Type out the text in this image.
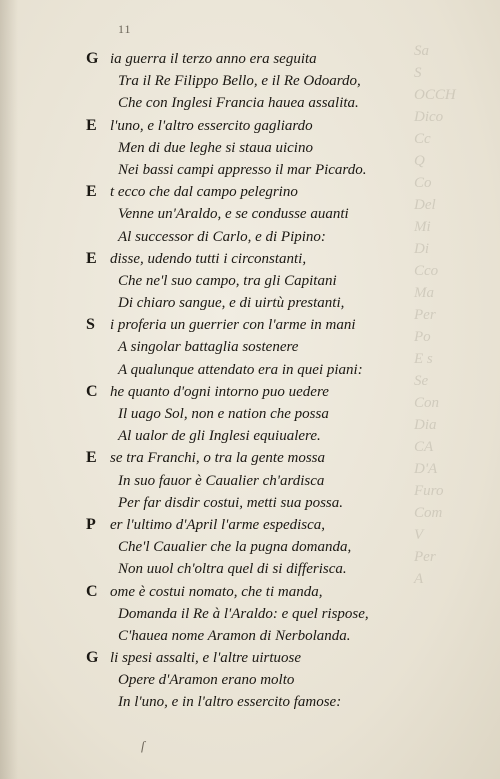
11
Sa
S
OCCH
Dico
Cc
Q
Co
Del
Mi
Di
Cco
Ma
Per
Po
E s
Se
Con
Dia
CA
D'A
Furo
Com
V
Per
A
G ia guerra il terzo anno era seguita
Tra il Re Filippo Bello, e il Re Odoardo,
Che con Inglesi Francia hauea assalita.
E l'uno, e l'altro essercito gagliardo
Men di due leghe si staua uicino
Nei bassi campi appresso il mar Picardo.
E t ecco che dal campo pelegrino
Venne un'Araldo, e se condusse auanti
Al successor di Carlo, e di Pipino:
E disse, udendo tutti i circonstanti,
Che ne'l suo campo, tra gli Capitani
Di chiaro sangue, e di uirtù prestanti,
S i proferia un guerrier con l'arme in mani
A singolar battaglia sostenere
A qualunque attendato era in quei piani:
C he quanto d'ogni intorno puo uedere
Il uago Sol, non e nation che possa
Al ualor de gli Inglesi equiualere.
E se tra Franchi, o tra la gente mossa
In suo fauor è Caualier ch'ardisca
Per far disdir costui, metti sua possa.
P er l'ultimo d'April l'arme espedisca,
Che'l Caualier che la pugna domanda,
Non uuol ch'oltra quel di si differisca.
C ome è costui nomato, che ti manda,
Domanda il Re à l'Araldo: e quel rispose,
C'hauea nome Aramon di Nerbolanda.
G li spesi assalti, e l'altre uirtuose
Opere d'Aramon erano molto
In l'uno, e in l'altro essercito famose:
ſ
